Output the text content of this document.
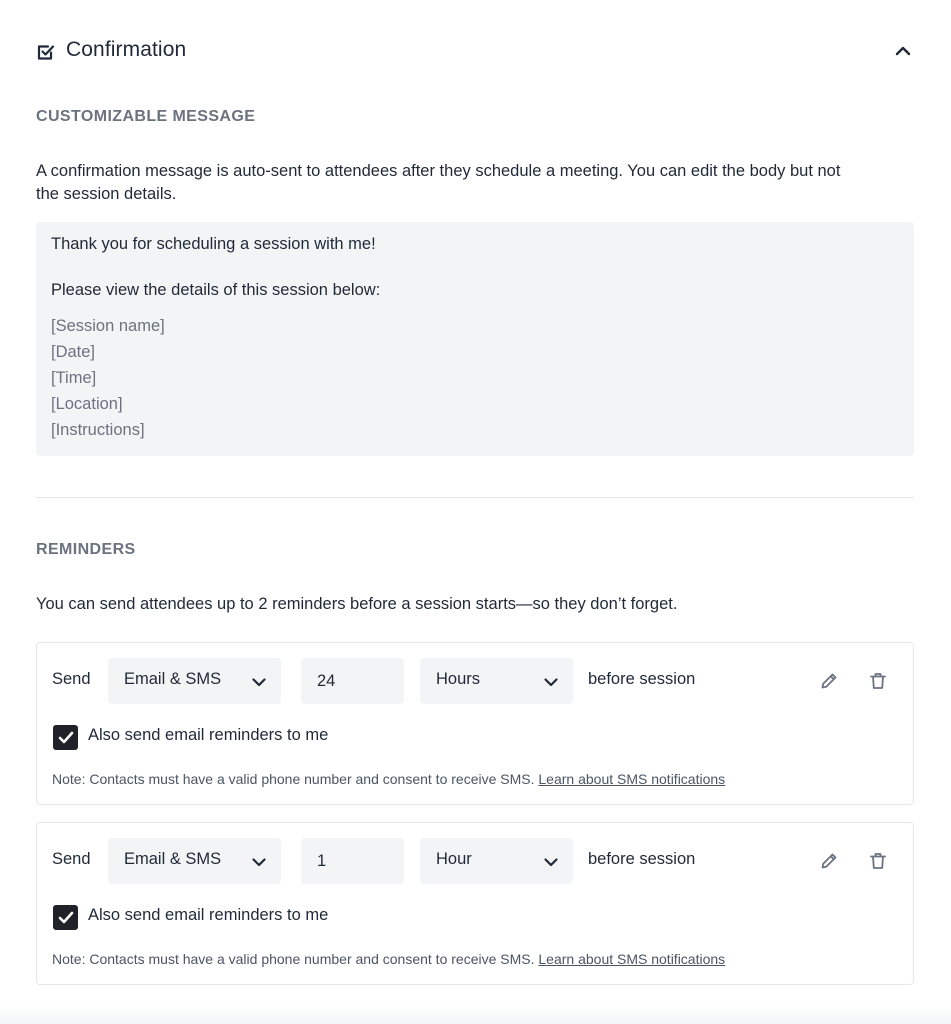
Confirmation
CUSTOMIZABLE MESSAGE
A confirmation message is auto-sent to attendees after they schedule a meeting. You can edit the body but not
the session details.
Thank you for scheduling a session with me!
Please view the details of this session below:
[Session name]
[Date]
[Time]
[Location]
[Instructions]
REMINDERS
You can send attendees up to 2 reminders before a session starts—so they don’t forget.
Send Email & SMS
24	Hours	before session
Also send email reminders to me
Note: Contacts must have a valid phone number and consent to receive SMS. Learn about SMS notifications
Send Email & SMS
1	Hour	before session
Also send email reminders to me
Note: Contacts must have a valid phone number and consent to receive SMS. Learn about SMS notifications
